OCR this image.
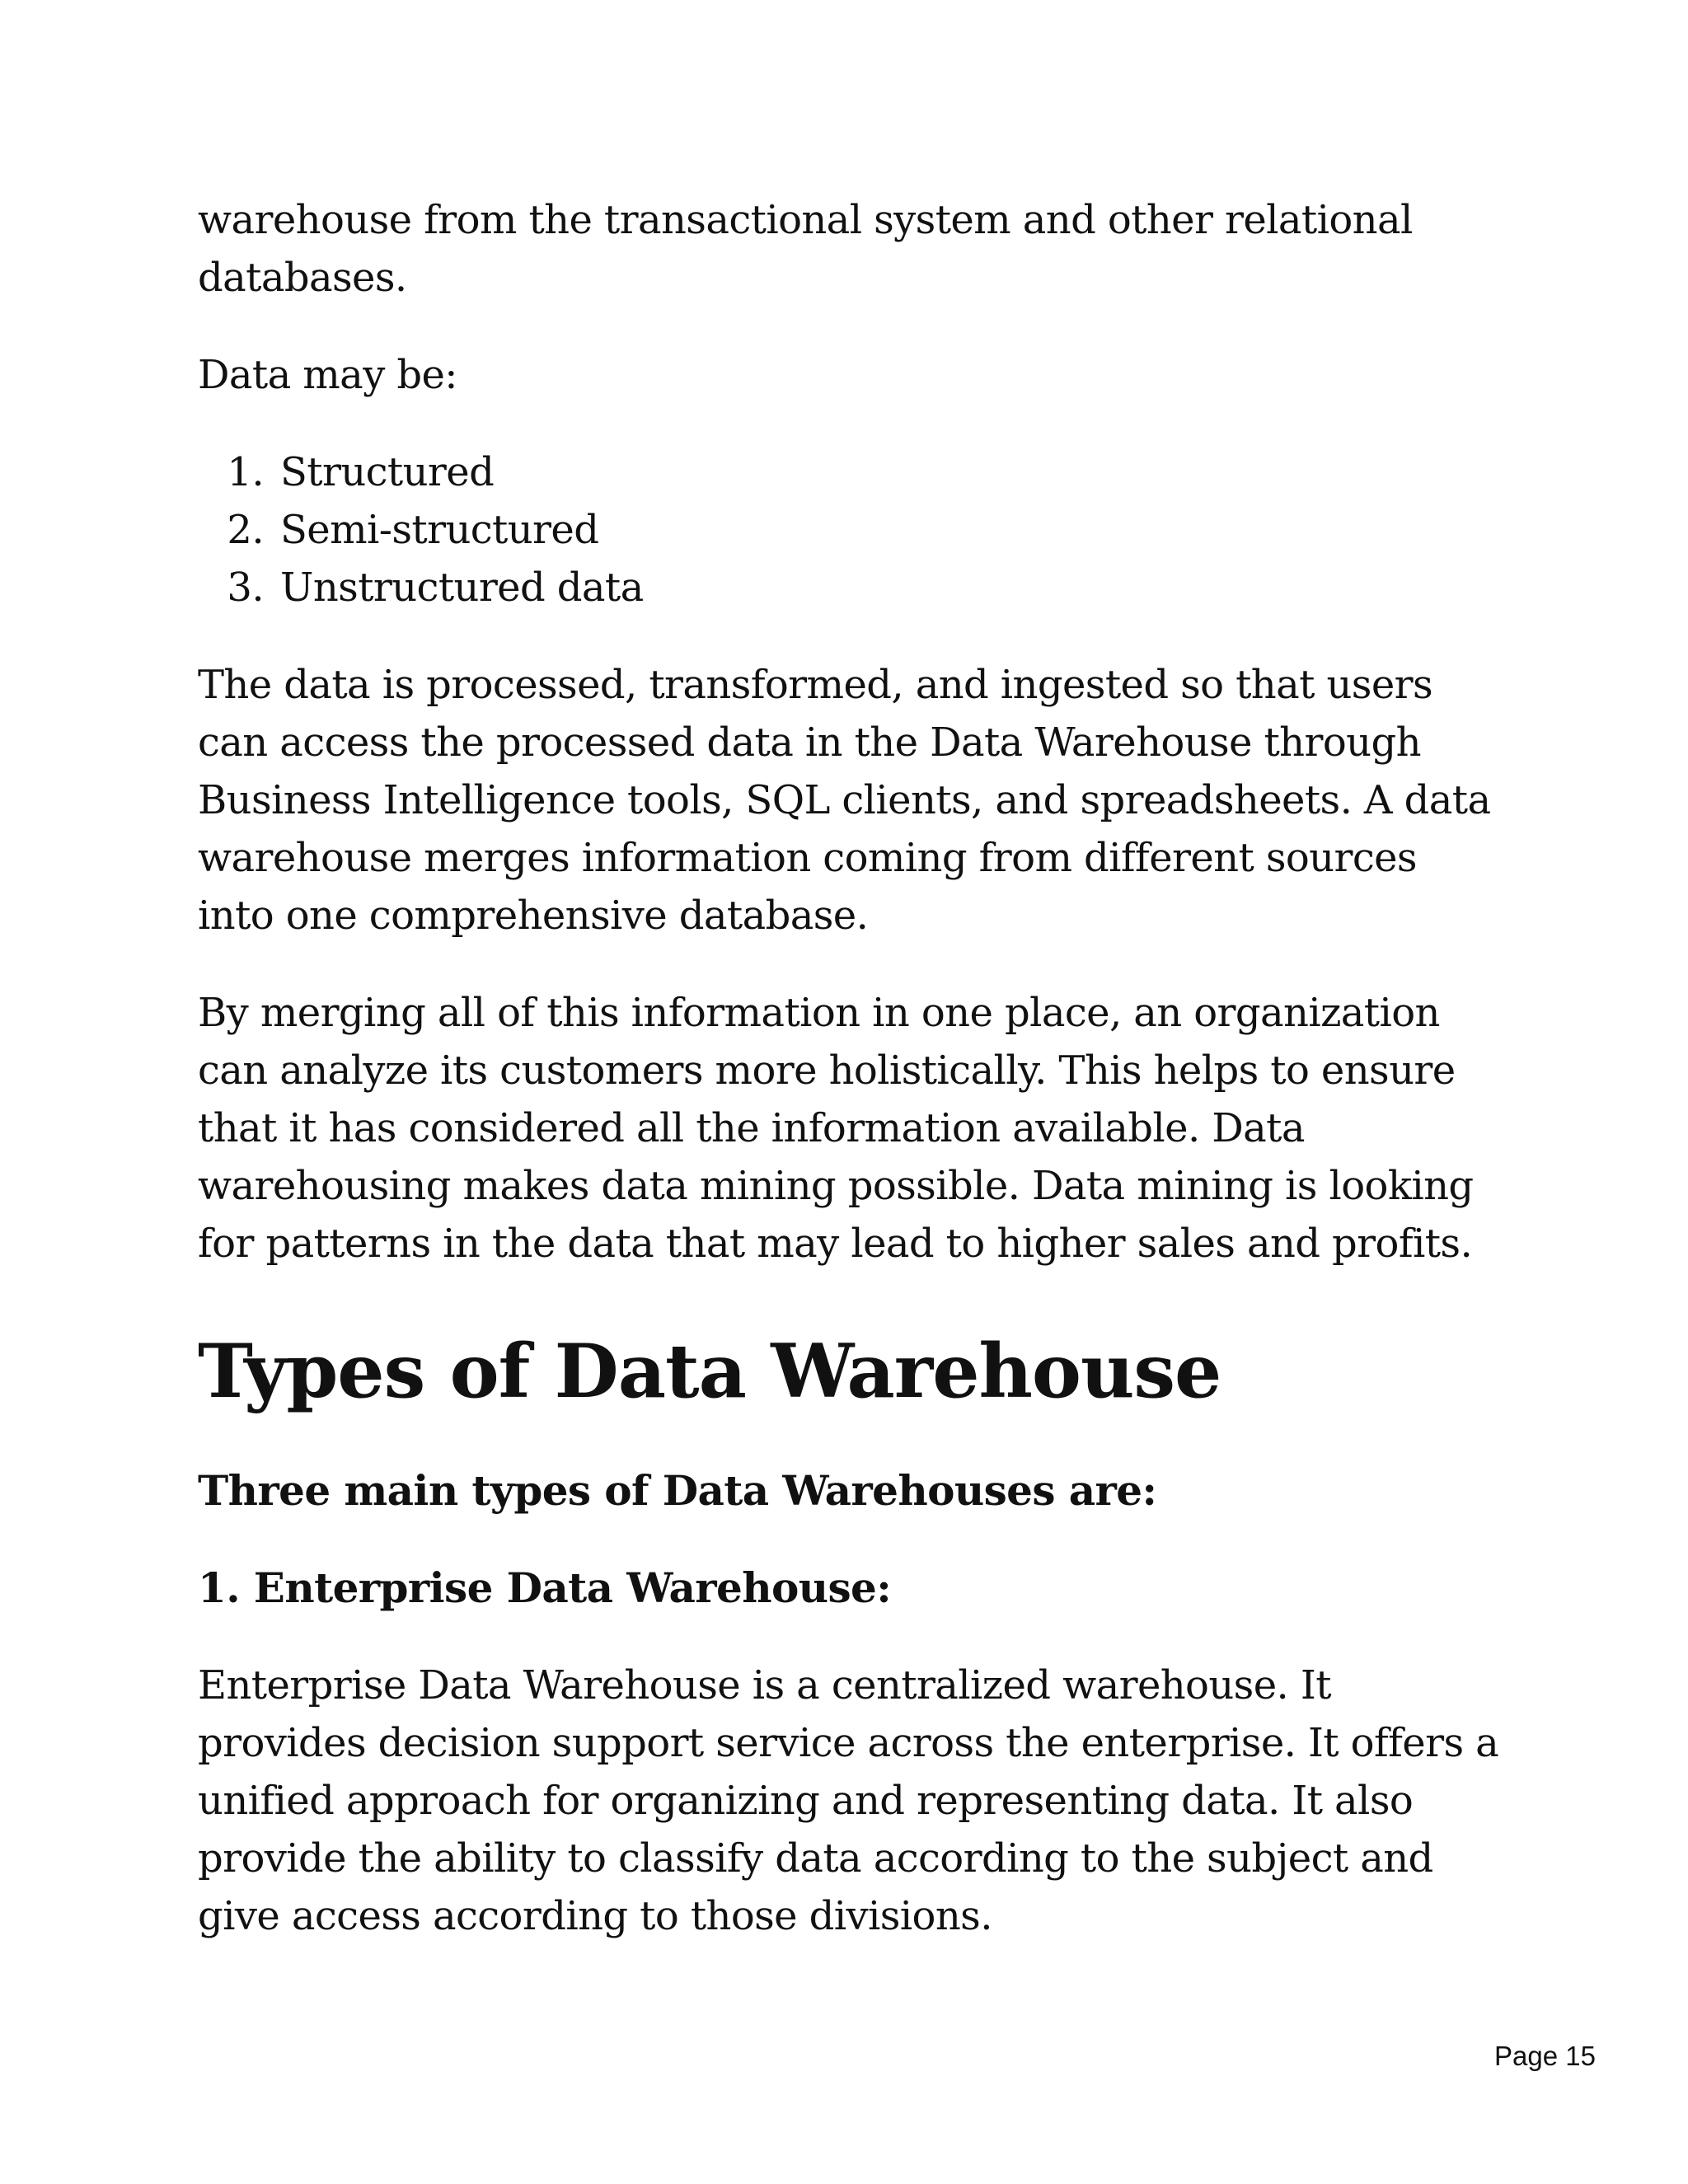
warehouse from the transactional system and other relational databases.

Data may be:

1. Structured
2. Semi-structured
3. Unstructured data

The data is processed, transformed, and ingested so that users can access the processed data in the Data Warehouse through Business Intelligence tools, SQL clients, and spreadsheets. A data warehouse merges information coming from different sources into one comprehensive database.

By merging all of this information in one place, an organization can analyze its customers more holistically. This helps to ensure that it has considered all the information available. Data warehousing makes data mining possible. Data mining is looking for patterns in the data that may lead to higher sales and profits.

Types of Data Warehouse
Three main types of Data Warehouses are:
1. Enterprise Data Warehouse:

Enterprise Data Warehouse is a centralized warehouse. It provides decision support service across the enterprise. It offers a unified approach for organizing and representing data. It also provide the ability to classify data according to the subject and give access according to those divisions.

Page 15
